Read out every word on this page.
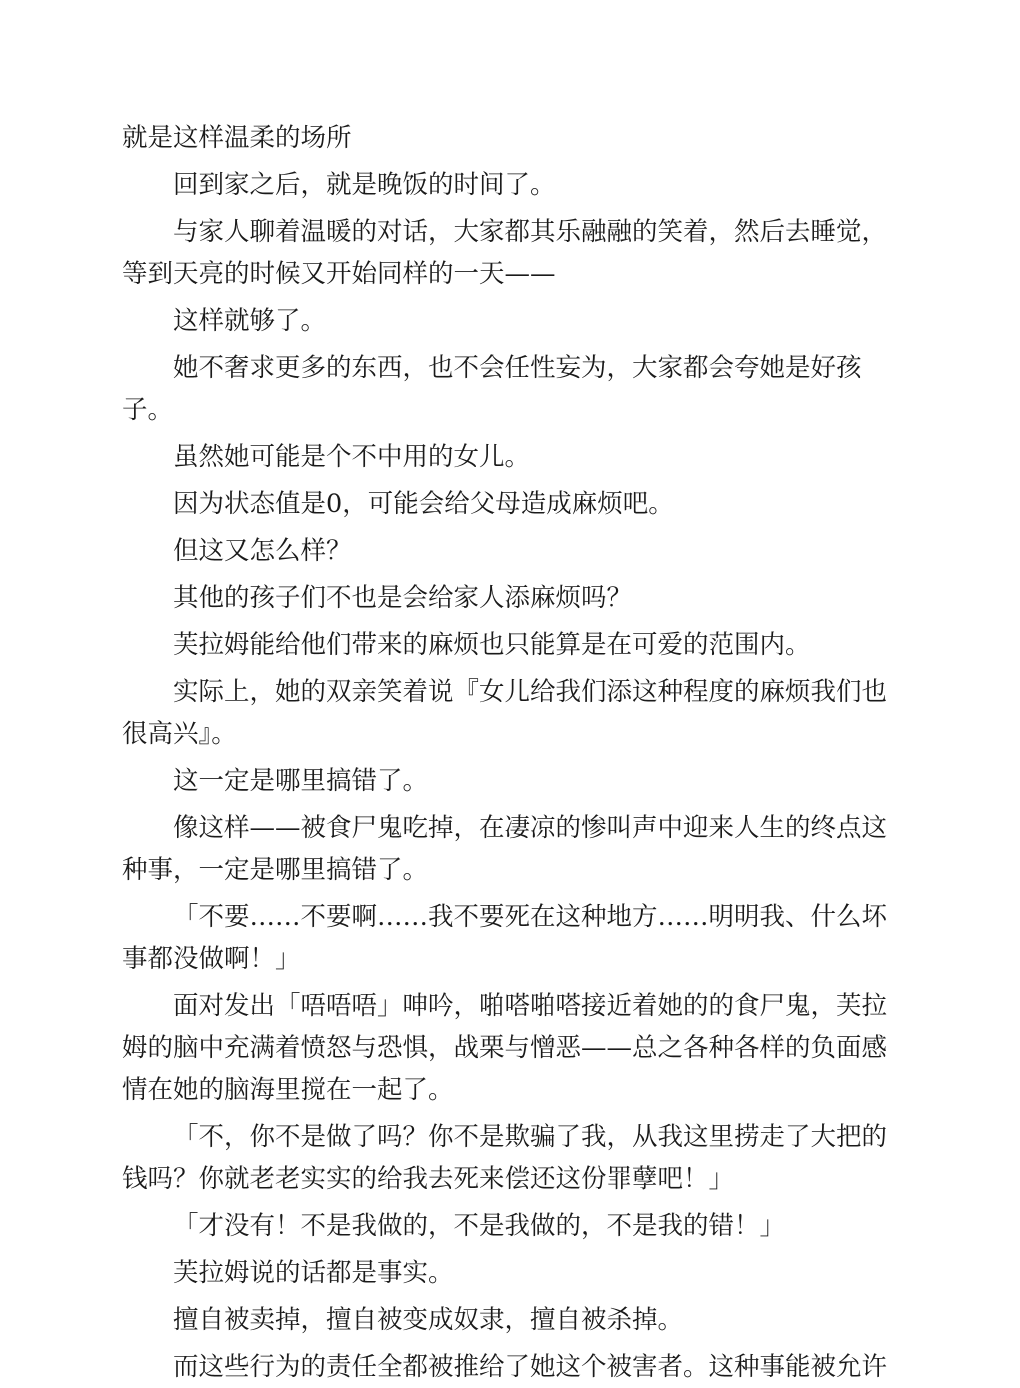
就是这样温柔的场所

回到家之后，就是晚饭的时间了。

与家人聊着温暖的对话，大家都其乐融融的笑着，然后去睡觉，等到天亮的时候又开始同样的一天——

这样就够了。

她不奢求更多的东西，也不会任性妄为，大家都会夸她是好孩子。

虽然她可能是个不中用的女儿。

因为状态值是0，可能会给父母造成麻烦吧。

但这又怎么样？

其他的孩子们不也是会给家人添麻烦吗？

芙拉姆能给他们带来的麻烦也只能算是在可爱的范围内。

实际上，她的双亲笑着说『女儿给我们添这种程度的麻烦我们也很高兴』。

这一定是哪里搞错了。

像这样——被食尸鬼吃掉，在凄凉的惨叫声中迎来人生的终点这种事，一定是哪里搞错了。

「不要……不要啊……我不要死在这种地方……明明我、什么坏事都没做啊！」

面对发出「唔唔唔」呻吟，啪嗒啪嗒接近着她的的食尸鬼，芙拉姆的脑中充满着愤怒与恐惧，战栗与憎恶——总之各种各样的负面感情在她的脑海里搅在一起了。

「不，你不是做了吗？你不是欺骗了我，从我这里捞走了大把的钱吗？你就老老实实的给我去死来偿还这份罪孽吧！」

「才没有！不是我做的，不是我做的，不是我的错！」

芙拉姆说的话都是事实。

擅自被卖掉，擅自被变成奴隶，擅自被杀掉。

而这些行为的责任全都被推给了她这个被害者。这种事能被允许
